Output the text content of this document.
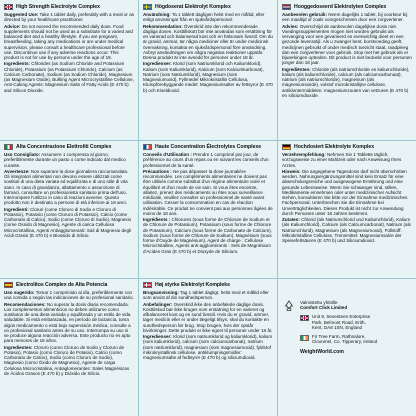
High Strength Electrolyte Complex

Suggested Use: Take 1 tablet daily, preferably with a meal or as directed by your healthcare practitioner.

Advice: Do not exceed the recommended daily dose. Food supplements should not be used as a substitute for a varied and balanced diet and a healthy lifestyle. If you are pregnant, breastfeeding, taking any medications or are under medical supervision, please consult a healthcare professional before use. Discontinue use if any adverse reactions occur. This product is not for use by persons under the age of 18.

Ingredients: Chlorides (as Sodium Chloride and Potassium Chloride), Potassium (as Potassium Chloride), Calcium (as Calcium Carbonate), Sodium (as Sodium Chloride), Magnesium (as Magnesium Oxide), Bulking Agent Microcrystalline Cellulose, Anti-Caking Agents: Magnesium Salts of Fatty Acids (E 470 b) and Silicon Dioxide.

Högdoserat Elektrolyt Komplex

Användning: Ta 1 tablett dagligen helst med en måltid, eller enligt anvisningar från en sjukvårdspersonal.

Rekommendation: Överskrid inte den rekommenderade dagliga dosen. Kosttillskott bör inte användas som ersättning för en varierad och balanserad kost och en hälsosam livsstil. Om du är gravid, ammar, tar några mediciner eller är under medicinsk övervakning, kontakta en sjukvårdspersonal före användning. Avbryt användningen om några negativa reaktioner uppstår. Denna produkt är inte avsedd för personer under 18 år.

Ingredienser: Klorid (som Natriumklorid och Kaliumklorid), Kalium (som Kaliumklorid), Kalcium (som Kalciumkarbonat), Natrium (som Natriumklorid), Magnesium (som Magnesiumoxid), Fyllmedel Mikrokristallin Cellulosa, Klumpförebyggande medel: Magnesiumsalter av fettsyror (E 470 b) och Kiseldioxid.

Hooggedoseerd Elektrolyten Complex

Aanbevolen gebruik: Neem dagelijks 1 tablet, bij voorkeur bij een maaltijd of zoals voorgeschreven door een zorgverlener.

Advies: Overschrijd de aanbevolen dagelijkse dosis niet. Voedingssupplementen mogen niet worden gebruikt als vervanging voor een gevarieerd en evenwichtig dieet en een gezonde levensstijl. Als u zwanger bent, borstvoeding geeft, medicijnen gebruikt of onder medisch toezicht staat, raadpleeg dan een zorgverlener voor gebruik. Stop met het gebruik als er bijwerkingen optreden. Dit product is niet bedoeld voor personen jonger dan 18 jaar.

Ingrediënten: Chloride (als natriumchloride en kaliumchloride), kalium (als kaliumchloride), calcium (als calciumcarbonaat), natrium (als natriumchloride), magnesium (als magnesiumoxide), vulstof microkristallijne cellulose, antiklontermiddelen: magnesiumzouten van vetzuren (E 470 b) en siliciumdioxide.

Alta Concentrazione Elettroliti Complex

Uso Consigliato: Assumere 1 compressa al giorno, preferibilmente durante un pasto o come indicato dal medico curante.

Avvertenze: Non superare la dose giornaliera raccomandata. Gli integratori alimentari non devono essere utilizzati come sostituti di una dieta variata ed equilibrata e di uno stile di vita sano. In caso di gravidanza, allattamento o assunzione di farmaci, consultare un professionista sanitario prima dell'uso. Interrompere l'utilizzo in caso di reazioni avverse. Questo prodotto non è destinato a persone di età inferiore ai 18 anni.

Ingredienti: Cloruri (come Cloruro di Sodio e Cloruro di Potassio), Potassio (come Cloruro di Potassio), Calcio (come Carbonato di Calcio), Sodio (come Cloruro di Sodio), Magnesio (come Ossido di Magnesio), Agente di carica Cellulosa Microcristallina, Agenti Antiagglomeranti: Sali di Magnesio degli Acidi Grassi (E 470 b) e Biossido di Silicio.

Haute Concentration Électrolytes Complexe

Conseils d'Utilisation : Prendre 1 comprimé par jour, de préférence au cours d'un repas ou en suivant les conseils d'un professionnel de la santé.

Précautions : Ne pas dépasser la dose journalière recommandée. Les compléments alimentaires ne doivent pas être utilisés comme substitut d'un régime alimentaire varié et équilibré et d'un mode de vie sain. Si vous êtes enceinte, allaitez, prenez des médicaments ou êtes sous surveillance médicale, veuillez consulter un professionnel de santé avant utilisation. Cesser la consommation en cas de réaction indésirable. Ce produit ne convient pas aux personnes âgées de moins de 18 ans.

Ingrédients : Chlorures (sous forme de Chlorure de Sodium et de Chlorure de Potassium), Potassium (sous forme de Chlorure de Potassium), Calcium (sous forme de Carbonate de Calcium), Sodium (sous forme de Chlorure de Sodium), Magnésium (sous forme d'Oxyde de Magnésium), Agent de charge : Cellulose Microcristalline, Agents anti-agglomérants : Sels de Magnésium d'Acides Gras (E 470 b) et Dioxyde de Silicium.

Hochdosiert Elektrolyte Komplex

Verzehrempfehlung: Nehmen Sie 1 Tablette täglich, vorzugsweise zu einer Mahlzeit oder nach Anweisung Ihres Arztes.

Hinweis: Die angegebene Tagesdosis darf nicht überschritten werden. Nahrungsergänzungsmittel sind kein Ersatz für eine abwechslungsreiche und ausgewogene Ernährung und eine gesunde Lebensweise. Wenn Sie schwanger sind, stillen, Medikamente einnehmen oder unter medizinischer Aufsicht stehen, konsultieren Sie bitte vor der Einnahme medizinisches Fachpersonal. Unterbrechen Sie die Einnahme bei Unverträglichkeiten. Dieses Produkt ist nicht zur Anwendung durch Personen unter 18 Jahren bestimmt.

Zutaten: Chlorid (als Natriumchlorid und Kaliumchlorid), Kalium (als Kaliumchlorid), Calcium (als Calciumcarbonat), Natrium (als Natriumchlorid), Magnesium (als Magnesiumoxid), Füllstoff: Mikrokristalline Cellulose, Trennmittel: Magnesiumsalze der Speisefettsäuren (E 470 b) und Siliciumdioxid.

Electrolitos Complex de Alta Potencia

Uso sugerido: Tomar 1 comprimido al día, preferiblemente con una comida o según las indicaciones de su profesional sanitario.

Recomendaciones: No superar la dosis diaria recomendada. Los complementos alimenticios no deben utilizarse como sustitutos de una dieta variada y equilibrada y un estilo de vida saludable. Si está embarazada, en período de lactancia, toma algún medicamento o está bajo supervisión médica, consulte a un profesional sanitario antes de su uso. Interrumpa su uso si se produce alguna reacción adversa. Este producto no es apto para menores de 18 años.

Ingredientes: Cloruro (como Cloruro de Sodio y Cloruro de Potasio), Potasio (como Cloruro de Potasio), Calcio (como Carbonato de Calcio), Sodio (como Cloruro de Sodio), Magnesio (como Óxido de Magnesio), Agente de carga Celulosa Microcristalina, Antiaglomerantes: Sales Magnésicas de Ácidos Grasos (E 470 b) y Dióxido de Silicio.

Høj styrke Elektrolyt Kompleks

Brugsanvisning: Tag 1 tablet dagligt, helst med et måltid eller som anvist af din sundhedsperson.

Anbefalinger: Overskrid ikke den anbefalede daglige dosis. Kosttilskud bør ikke bruges som erstatning for en varieret og afbalanceret kost og en sund livsstil. Hvis du er gravid, ammer, tager medicin eller er under lægeligt tilsyn, skal du kontakte en sundhedsperson før brug. Stop brugen, hvis der opstår bivirkninger. Dette produkt er ikke egnet til personer under 18 år.

Ingredienser: Klorid (som natriumklorid og kaliumklorid), kalium (som kaliumklorid), calcium (som calciumcarbonat), natrium (som natriumklorid), magnesium (som magnesiumoxid), fyldstof mikrokrystallinsk cellulose, antiklumpningsmidler: magnesiumsalte af fedtsyrer (E 470 b) og siliciumdioxid.

Valmistettu yhtiölle
Comfort Click Limited
Unit 9, Seventeen Enterprise
Park, Belmont Road, Erith,
Kent, DA8 1SN, England
Fir Tree Farm, Rathnalore,
Cloonmel, Co. Tipperary, Ireland
WeightWorld.com
